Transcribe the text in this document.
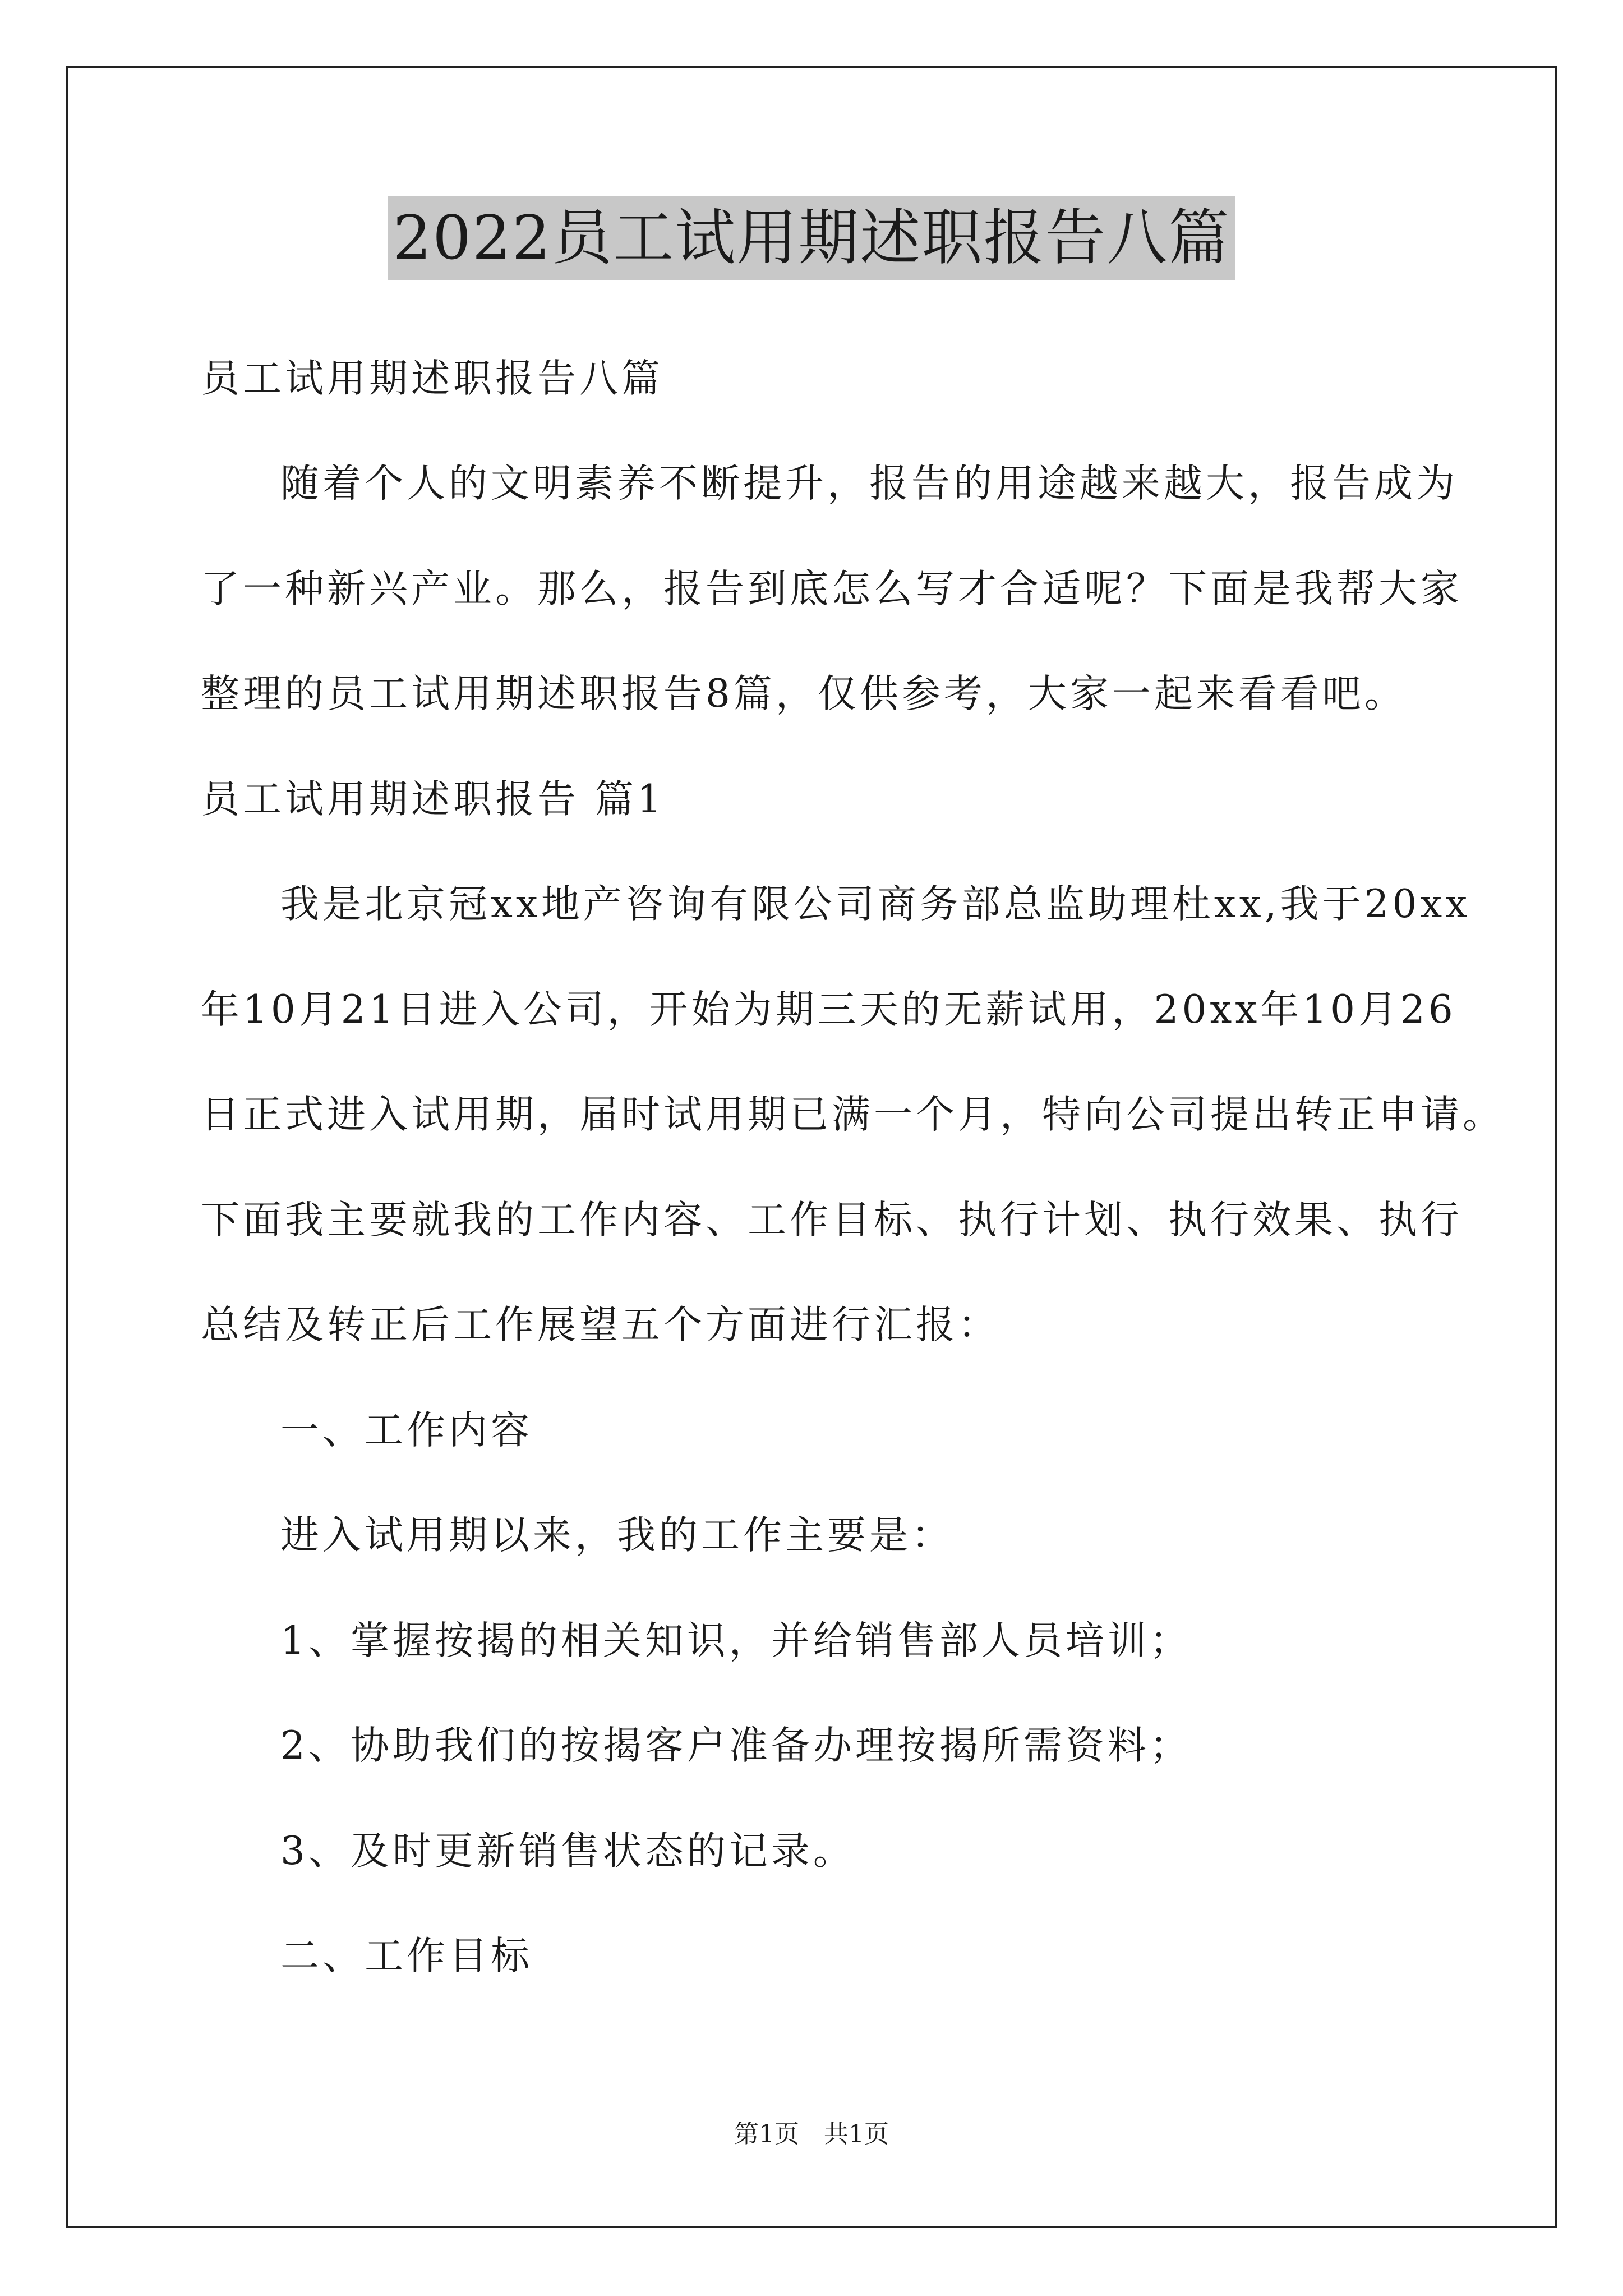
2022员工试用期述职报告八篇
员工试用期述职报告八篇
随着个人的文明素养不断提升，报告的用途越来越大，报告成为
了一种新兴产业。那么，报告到底怎么写才合适呢？下面是我帮大家
整理的员工试用期述职报告8篇，仅供参考，大家一起来看看吧。
员工试用期述职报告 篇1
我是北京冠xx地产咨询有限公司商务部总监助理杜xx,我于20xx
年10月21日进入公司，开始为期三天的无薪试用，20xx年10月26
日正式进入试用期，届时试用期已满一个月，特向公司提出转正申请。
下面我主要就我的工作内容、工作目标、执行计划、执行效果、执行
总结及转正后工作展望五个方面进行汇报：
一、工作内容
进入试用期以来，我的工作主要是：
1、掌握按揭的相关知识，并给销售部人员培训；
2、协助我们的按揭客户准备办理按揭所需资料；
3、及时更新销售状态的记录。
二、工作目标
第1页　共1页
